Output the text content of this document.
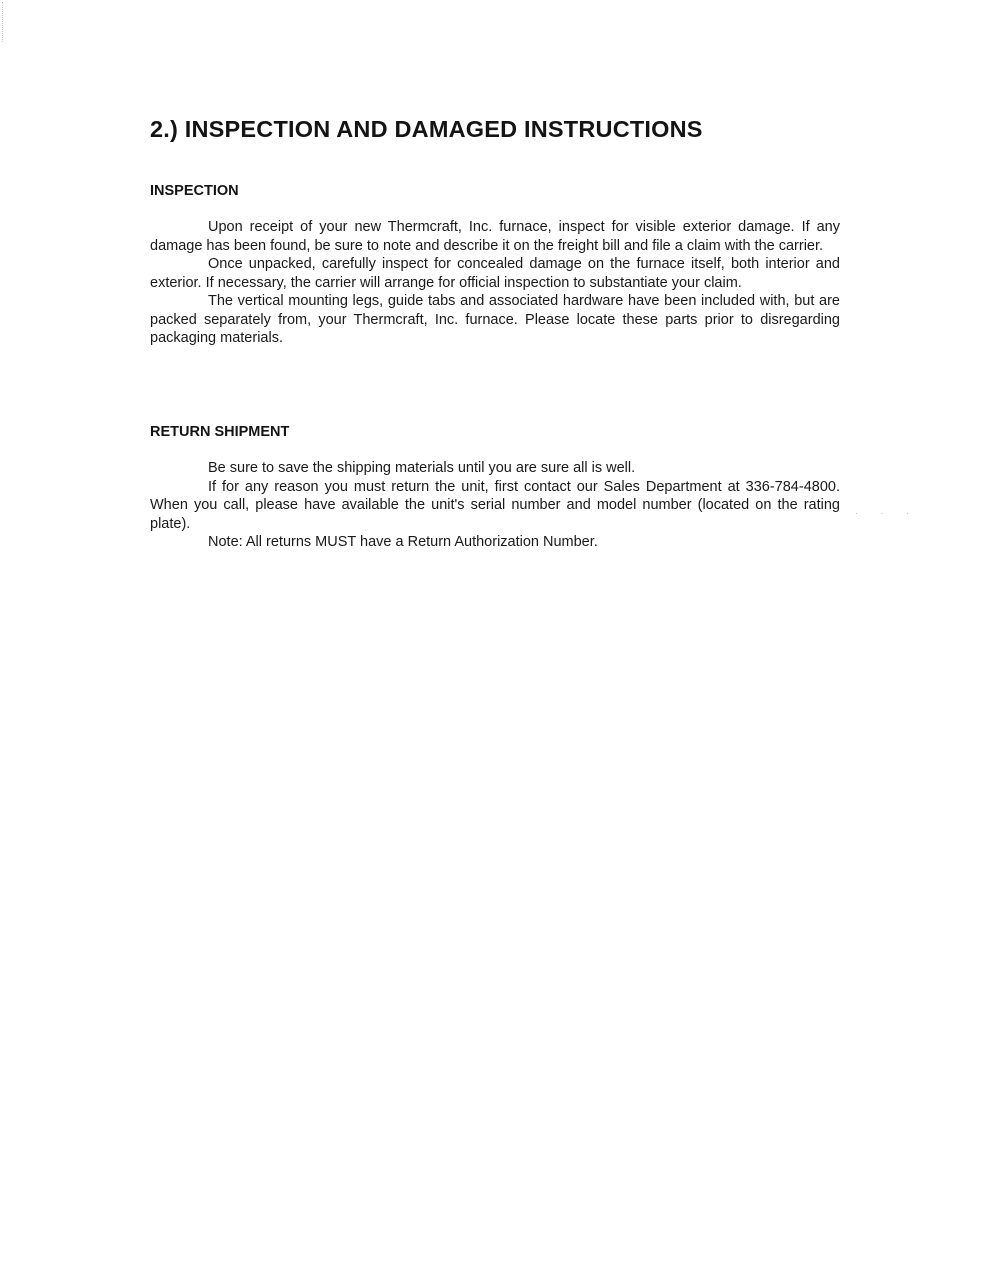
2.) INSPECTION AND DAMAGED INSTRUCTIONS
INSPECTION

Upon receipt of your new Thermcraft, Inc. furnace, inspect for visible exterior damage. If any damage has been found, be sure to note and describe it on the freight bill and file a claim with the carrier.

Once unpacked, carefully inspect for concealed damage on the furnace itself, both interior and exterior. If necessary, the carrier will arrange for official inspection to substantiate your claim.

The vertical mounting legs, guide tabs and associated hardware have been included with, but are packed separately from, your Thermcraft, Inc. furnace. Please locate these parts prior to disregarding packaging materials.

RETURN SHIPMENT

Be sure to save the shipping materials until you are sure all is well.

If for any reason you must return the unit, first contact our Sales Department at 336-784-4800. When you call, please have available the unit's serial number and model number (located on the rating plate).

Note: All returns MUST have a Return Authorization Number.

· · ·
